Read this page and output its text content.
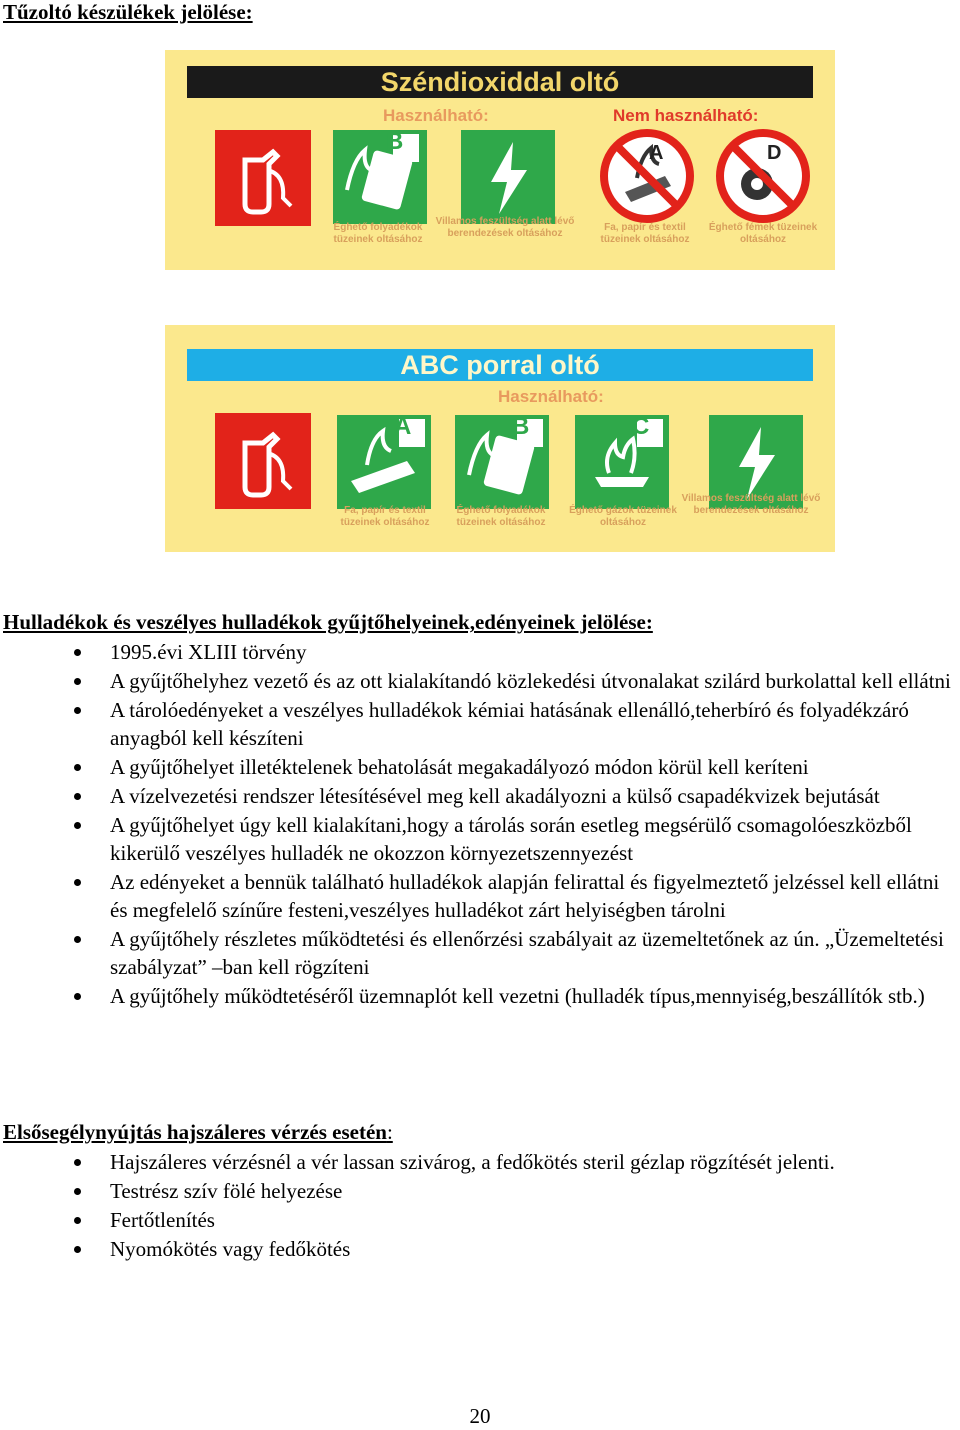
Tűzoltó készülékek jelölése:
Széndioxiddal oltó
Használható:	Nem használható:
B	A	D
Éghető folyadékok tüzeinek oltásához
Villamos feszültség alatt lévő berendezések oltásához
Fa, papír és textil tüzeinek oltásához
Éghető fémek tüzeinek oltásához
ABC porral oltó
Használható:
A	B	C
Fa, papír és textil tüzeinek oltásához
Éghető folyadékok tüzeinek oltásához
Éghető gázok tüzeinek oltásához
Villamos feszültség alatt lévő berendezések oltásához
Hulladékok és veszélyes hulladékok gyűjtőhelyeinek,edényeinek jelölése:
1995.évi XLIII törvény
A gyűjtőhelyhez vezető és az ott kialakítandó közlekedési útvonalakat szilárd burkolattal kell ellátni
A tárolóedényeket a veszélyes hulladékok kémiai hatásának ellenálló,teherbíró és folyadékzáró anyagból kell készíteni
A gyűjtőhelyet illetéktelenek behatolását megakadályozó módon körül kell keríteni
A vízelvezetési rendszer létesítésével meg kell akadályozni a külső csapadékvizek bejutását
A gyűjtőhelyet úgy kell kialakítani,hogy a tárolás során esetleg megsérülő csomagolóeszközből kikerülő veszélyes hulladék ne okozzon környezetszennyezést
Az edényeket a bennük található hulladékok alapján felirattal és figyelmeztető jelzéssel kell ellátni és megfelelő színűre festeni,veszélyes hulladékot zárt helyiségben tárolni
A gyűjtőhely részletes működtetési és ellenőrzési szabályait az üzemeltetőnek az ún. „Üzemeltetési szabályzat” –ban kell rögzíteni
A gyűjtőhely működtetéséről üzemnaplót kell vezetni (hulladék típus,mennyiség,beszállítók stb.)
Elsősegélynyújtás hajszáleres vérzés esetén:
Hajszáleres vérzésnél a vér lassan szivárog, a fedőkötés steril gézlap rögzítését jelenti.
Testrész szív fölé helyezése
Fertőtlenítés
Nyomókötés vagy fedőkötés
20
